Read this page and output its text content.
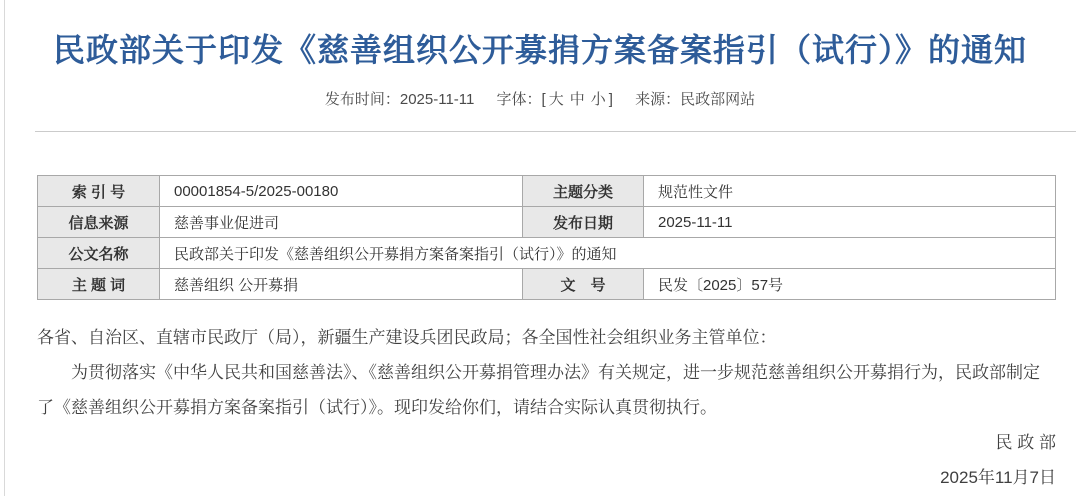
民政部关于印发《慈善组织公开募捐方案备案指引（试行）》的通知
发布时间：2025-11-11 字体：[ 大 中 小 ] 来源：民政部网站
索 引 号	00001854-5/2025-00180	主题分类	规范性文件
信息来源	慈善事业促进司	发布日期	2025-11-11
公文名称	民政部关于印发《慈善组织公开募捐方案备案指引（试行）》的通知		
主 题 词	慈善组织 公开募捐	文　号	民发〔2025〕57号

各省、自治区、直辖市民政厅（局），新疆生产建设兵团民政局；各全国性社会组织业务主管单位：

为贯彻落实《中华人民共和国慈善法》、《慈善组织公开募捐管理办法》有关规定，进一步规范慈善组织公开募捐行为，民政部制定了《慈善组织公开募捐方案备案指引（试行）》。现印发给你们，请结合实际认真贯彻执行。

民 政 部
2025年11月7日
